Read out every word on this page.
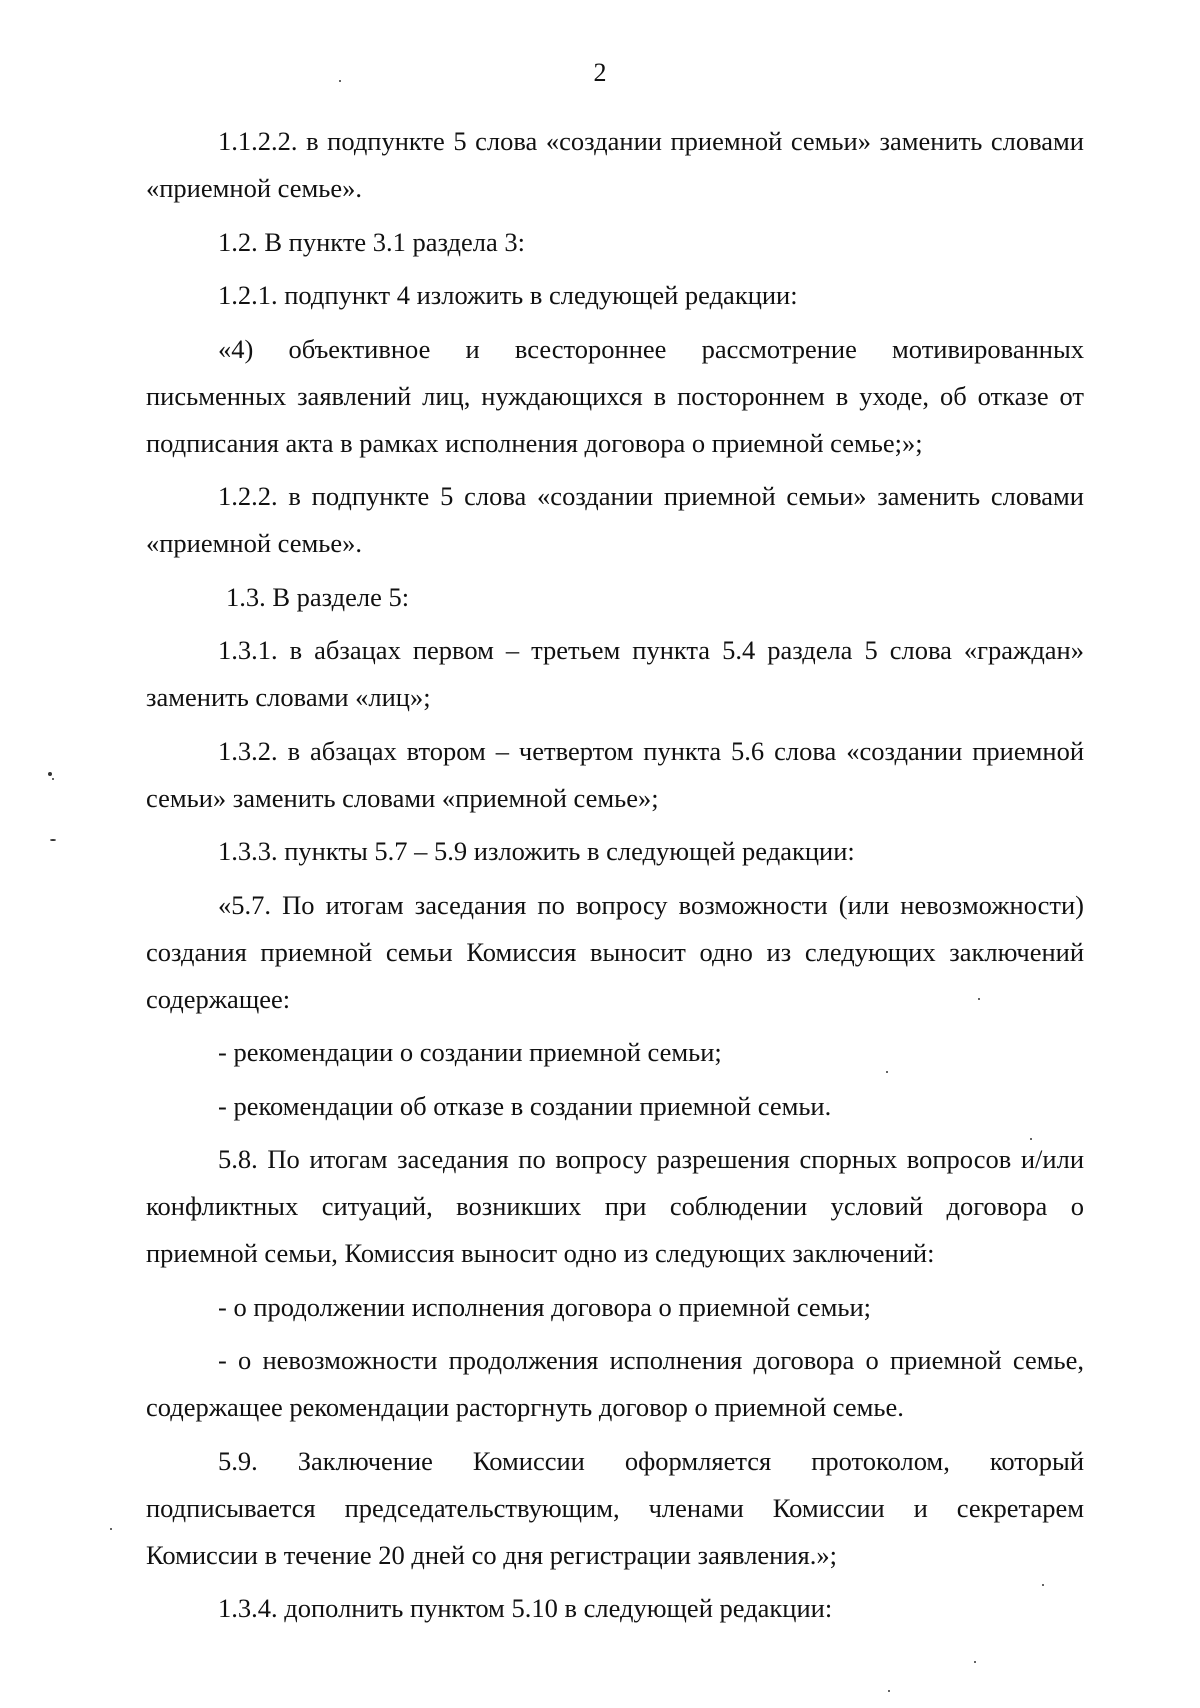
2

1.1.2.2. в подпункте 5 слова «создании приемной семьи» заменить словами «приемной семье».

1.2. В пункте 3.1 раздела 3:

1.2.1. подпункт 4 изложить в следующей редакции:

«4) объективное и всестороннее рассмотрение мотивированных письменных заявлений лиц, нуждающихся в постороннем в уходе, об отказе от подписания акта в рамках исполнения договора о приемной семье;»;

1.2.2. в подпункте 5 слова «создании приемной семьи» заменить словами «приемной семье».

1.3. В разделе 5:

1.3.1. в абзацах первом – третьем пункта 5.4 раздела 5 слова «граждан» заменить словами «лиц»;

1.3.2. в абзацах втором – четвертом пункта 5.6 слова «создании приемной семьи» заменить словами «приемной семье»;

1.3.3. пункты 5.7 – 5.9 изложить в следующей редакции:

«5.7. По итогам заседания по вопросу возможности (или невозможности) создания приемной семьи Комиссия выносит одно из следующих заключений содержащее:

- рекомендации о создании приемной семьи;

- рекомендации об отказе в создании приемной семьи.

5.8. По итогам заседания по вопросу разрешения спорных вопросов и/или конфликтных ситуаций, возникших при соблюдении условий договора о приемной семьи, Комиссия выносит одно из следующих заключений:

- о продолжении исполнения договора о приемной семьи;

- о невозможности продолжения исполнения договора о приемной семье, содержащее рекомендации расторгнуть договор о приемной семье.

5.9. Заключение Комиссии оформляется протоколом, который подписывается председательствующим, членами Комиссии и секретарем Комиссии в течение 20 дней со дня регистрации заявления.»;

1.3.4. дополнить пунктом 5.10 в следующей редакции:
